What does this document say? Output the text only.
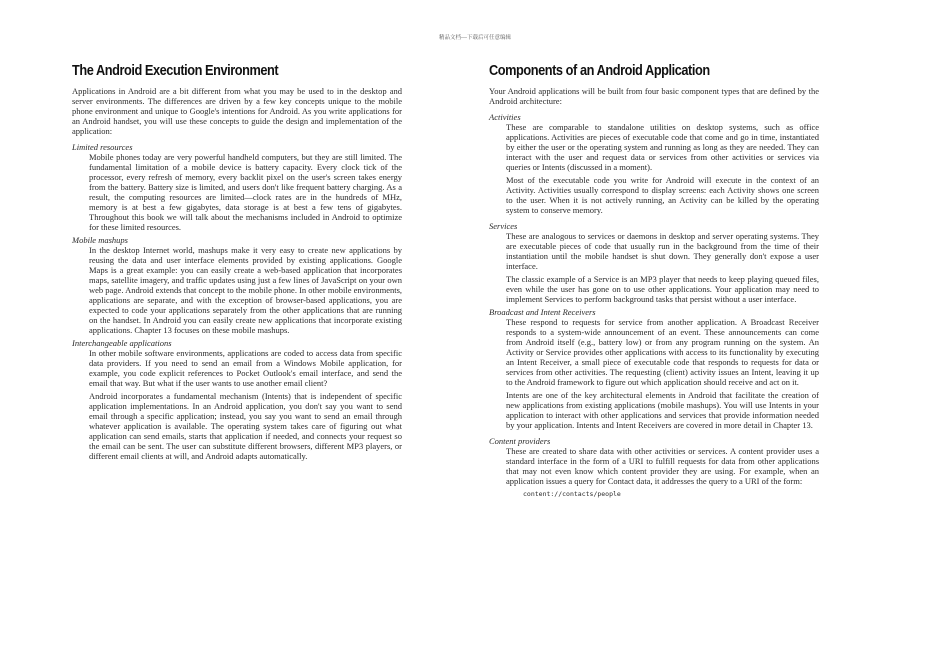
精品文档---下载后可任意编辑
The Android Execution Environment

Applications in Android are a bit different from what you may be used to in the desktop and server environments. The differences are driven by a few key concepts unique to the mobile phone environment and unique to Google's intentions for Android. As you write applications for an Android handset, you will use these concepts to guide the design and implementation of the application:

Limited resources

Mobile phones today are very powerful handheld computers, but they are still limited. The fundamental limitation of a mobile device is battery capacity. Every clock tick of the processor, every refresh of memory, every backlit pixel on the user's screen takes energy from the battery. Battery size is limited, and users don't like frequent battery charging. As a result, the computing resources are limited—clock rates are in the hundreds of MHz, memory is at best a few gigabytes, data storage is at best a few tens of gigabytes. Throughout this book we will talk about the mechanisms included in Android to optimize for these limited resources.

Mobile mashups

In the desktop Internet world, mashups make it very easy to create new applications by reusing the data and user interface elements provided by existing applications. Google Maps is a great example: you can easily create a web-based application that incorporates maps, satellite imagery, and traffic updates using just a few lines of JavaScript on your own web page. Android extends that concept to the mobile phone. In other mobile environments, applications are separate, and with the exception of browser-based applications, you are expected to code your applications separately from the other applications that are running on the handset. In Android you can easily create new applications that incorporate existing applications. Chapter 13 focuses on these mobile mashups.

Interchangeable applications

In other mobile software environments, applications are coded to access data from specific data providers. If you need to send an email from a Windows Mobile application, for example, you code explicit references to Pocket Outlook's email interface, and send the email that way. But what if the user wants to use another email client?

Android incorporates a fundamental mechanism (Intents) that is independent of specific application implementations. In an Android application, you don't say you want to send email through a specific application; instead, you say you want to send an email through whatever application is available. The operating system takes care of figuring out what application can send emails, starts that application if needed, and connects your request so the email can be sent. The user can substitute different browsers, different MP3 players, or different email clients at will, and Android adapts automatically.

Components of an Android Application

Your Android applications will be built from four basic component types that are defined by the Android architecture:

Activities

These are comparable to standalone utilities on desktop systems, such as office applications. Activities are pieces of executable code that come and go in time, instantiated by either the user or the operating system and running as long as they are needed. They can interact with the user and request data or services from other activities or services via queries or Intents (discussed in a moment).

Most of the executable code you write for Android will execute in the context of an Activity. Activities usually correspond to display screens: each Activity shows one screen to the user. When it is not actively running, an Activity can be killed by the operating system to conserve memory.

Services

These are analogous to services or daemons in desktop and server operating systems. They are executable pieces of code that usually run in the background from the time of their instantiation until the mobile handset is shut down. They generally don't expose a user interface.

The classic example of a Service is an MP3 player that needs to keep playing queued files, even while the user has gone on to use other applications. Your application may need to implement Services to perform background tasks that persist without a user interface.

Broadcast and Intent Receivers

These respond to requests for service from another application. A Broadcast Receiver responds to a system-wide announcement of an event. These announcements can come from Android itself (e.g., battery low) or from any program running on the system. An Activity or Service provides other applications with access to its functionality by executing an Intent Receiver, a small piece of executable code that responds to requests for data or services from other activities. The requesting (client) activity issues an Intent, leaving it up to the Android framework to figure out which application should receive and act on it.

Intents are one of the key architectural elements in Android that facilitate the creation of new applications from existing applications (mobile mashups). You will use Intents in your application to interact with other applications and services that provide information needed by your application. Intents and Intent Receivers are covered in more detail in Chapter 13.

Content providers

These are created to share data with other activities or services. A content provider uses a standard interface in the form of a URI to fulfill requests for data from other applications that may not even know which content provider they are using. For example, when an application issues a query for Contact data, it addresses the query to a URI of the form:

content://contacts/people
